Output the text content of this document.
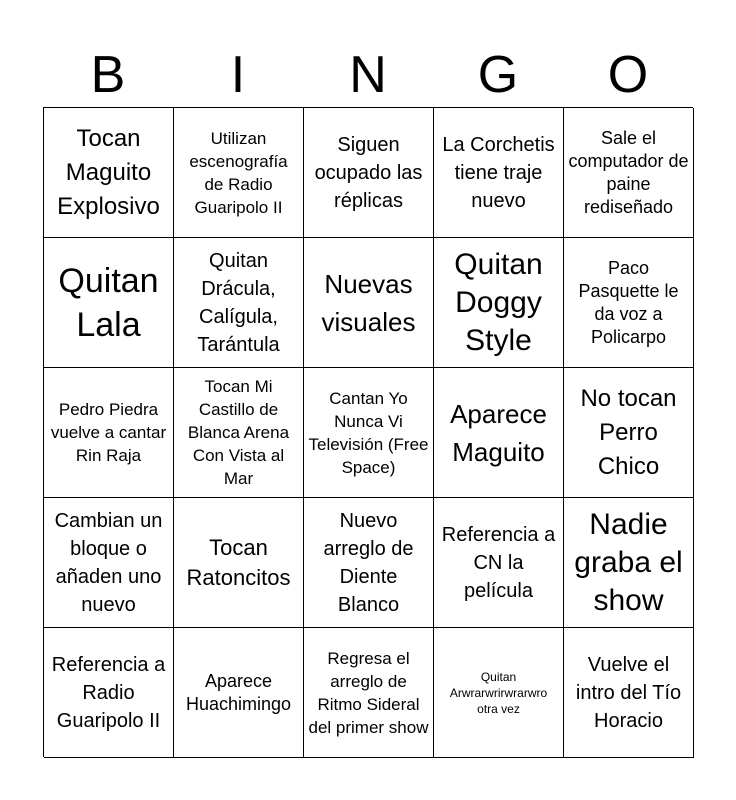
B	I	N	G	O
Tocan Maguito Explosivo
Utilizan escenografía de Radio Guaripolo II
Siguen ocupado las réplicas
La Corchetis tiene traje nuevo
Sale el computador de paine rediseñado
Quitan Lala
Quitan Drácula, Calígula, Tarántula
Nuevas visuales
Quitan Doggy Style
Paco Pasquette le da voz a Policarpo
Pedro Piedra vuelve a cantar Rin Raja
Tocan Mi Castillo de Blanca Arena Con Vista al Mar
Cantan Yo Nunca Vi Televisión (Free Space)
Aparece Maguito
No tocan Perro Chico
Cambian un bloque o añaden uno nuevo
Tocan Ratoncitos
Nuevo arreglo de Diente Blanco
Referencia a CN la película
Nadie graba el show
Referencia a Radio Guaripolo II
Aparece Huachimingo
Regresa el arreglo de Ritmo Sideral del primer show
Quitan Arwrarwrirwrarwro otra vez
Vuelve el intro del Tío Horacio
